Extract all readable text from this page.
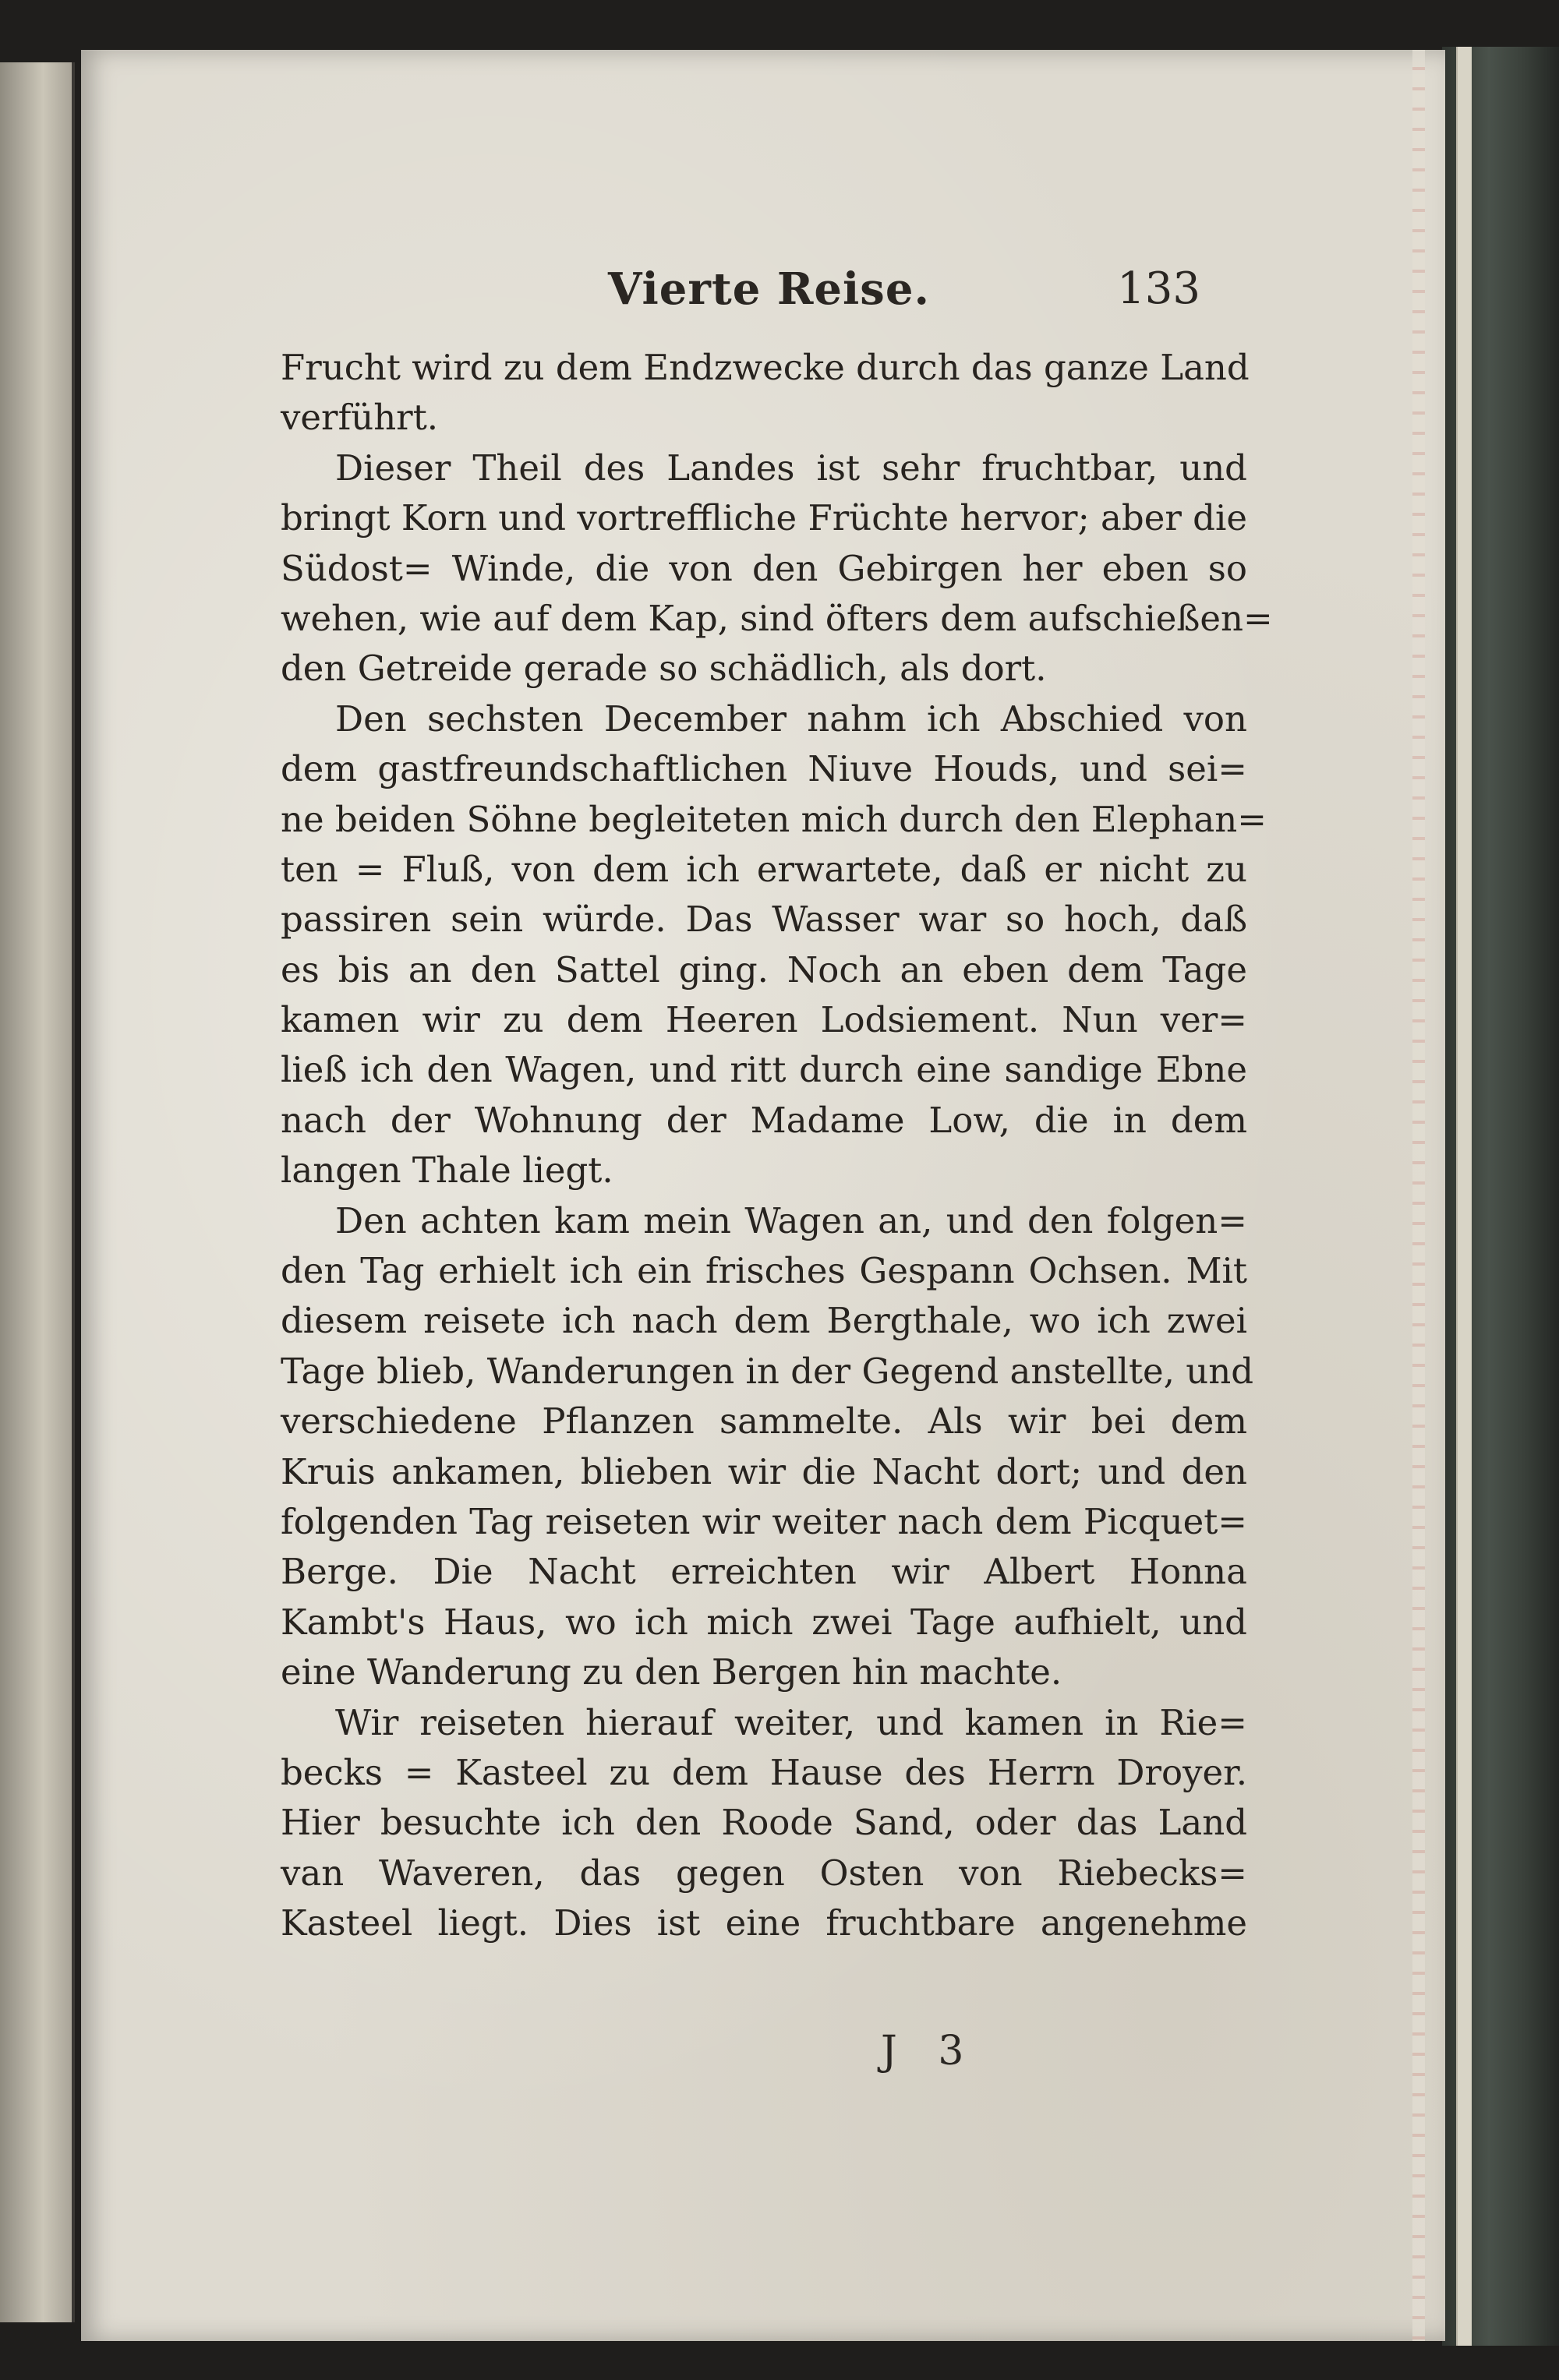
Vierte Reise.	133
Frucht wird zu dem Endzwecke durch das ganze Land
verführt.
Dieser Theil des Landes ist sehr fruchtbar, und
bringt Korn und vortreffliche Früchte hervor; aber die
Südost= Winde, die von den Gebirgen her eben so
wehen, wie auf dem Kap, sind öfters dem aufschießen=
den Getreide gerade so schädlich, als dort.
Den sechsten December nahm ich Abschied von
dem gastfreundschaftlichen Niuve Houds, und sei=
ne beiden Söhne begleiteten mich durch den Elephan=
ten = Fluß, von dem ich erwartete, daß er nicht zu
passiren sein würde. Das Wasser war so hoch, daß
es bis an den Sattel ging. Noch an eben dem Tage
kamen wir zu dem Heeren Lodsiement. Nun ver=
ließ ich den Wagen, und ritt durch eine sandige Ebne
nach der Wohnung der Madame Low, die in dem
langen Thale liegt.
Den achten kam mein Wagen an, und den folgen=
den Tag erhielt ich ein frisches Gespann Ochsen. Mit
diesem reisete ich nach dem Bergthale, wo ich zwei
Tage blieb, Wanderungen in der Gegend anstellte, und
verschiedene Pflanzen sammelte. Als wir bei dem
Kruis ankamen, blieben wir die Nacht dort; und den
folgenden Tag reiseten wir weiter nach dem Picquet=
Berge. Die Nacht erreichten wir Albert Honna
Kambt's Haus, wo ich mich zwei Tage aufhielt, und
eine Wanderung zu den Bergen hin machte.
Wir reiseten hierauf weiter, und kamen in Rie=
becks = Kasteel zu dem Hause des Herrn Droyer.
Hier besuchte ich den Roode Sand, oder das Land
van Waveren, das gegen Osten von Riebecks=
Kasteel liegt. Dies ist eine fruchtbare angenehme
J 3
